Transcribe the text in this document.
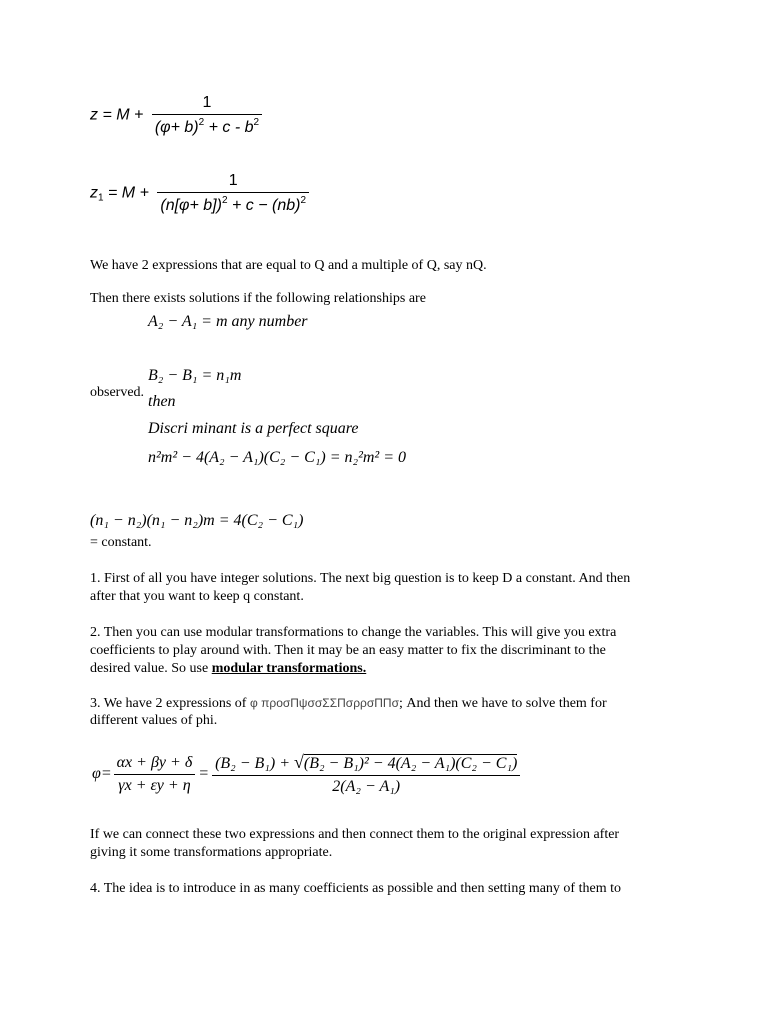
$z = M + \frac{1}{(\varphi+ b)^2 + c - b^2}$
$z_1 = M + \frac{1}{(n[\varphi+ b])^2 + c - (nb)^2}$
We have 2 expressions that are equal to Q and a multiple of Q, say nQ.
Then there exists solutions if the following relationships are
A₂ − A₁ = m any number
B₂ − B₁ = n₁m
observed.
then
Discri minant is a perfect square
n²m² − 4(A₂ − A₁)(C₂ − C₁) = n₂²m² = 0
(n₁ − n₂)(n₁ − n₂)m = 4(C₂ − C₁)
= constant.
1. First of all you have integer solutions. The next big question is to keep D a constant. And then
after that you want to keep q constant.
2. Then you can use modular transformations to change the variables. This will give you extra
coefficients to play around with. Then it may be an easy matter to fix the discriminant to the
desired value. So use modular transformations.
3. We have 2 expressions of φ προσΠψσσΣΣΠσρρσΠΠσ; And then we have to solve them for
different values of phi.
$\varphi= \frac{\alpha x + \beta y + \delta}{\gamma x + \varepsilon y + \eta} = \frac{\text{(B₂ − B₁) + √(B₂ − B₁)² − 4(A₂ − A₁)(C₂ − C₁)}}{\text{2(A₂ − A₁)}}$
If we can connect these two expressions and then connect them to the original expression after
giving it some transformations appropriate.
4. The idea is to introduce in as many coefficients as possible and then setting many of them to
